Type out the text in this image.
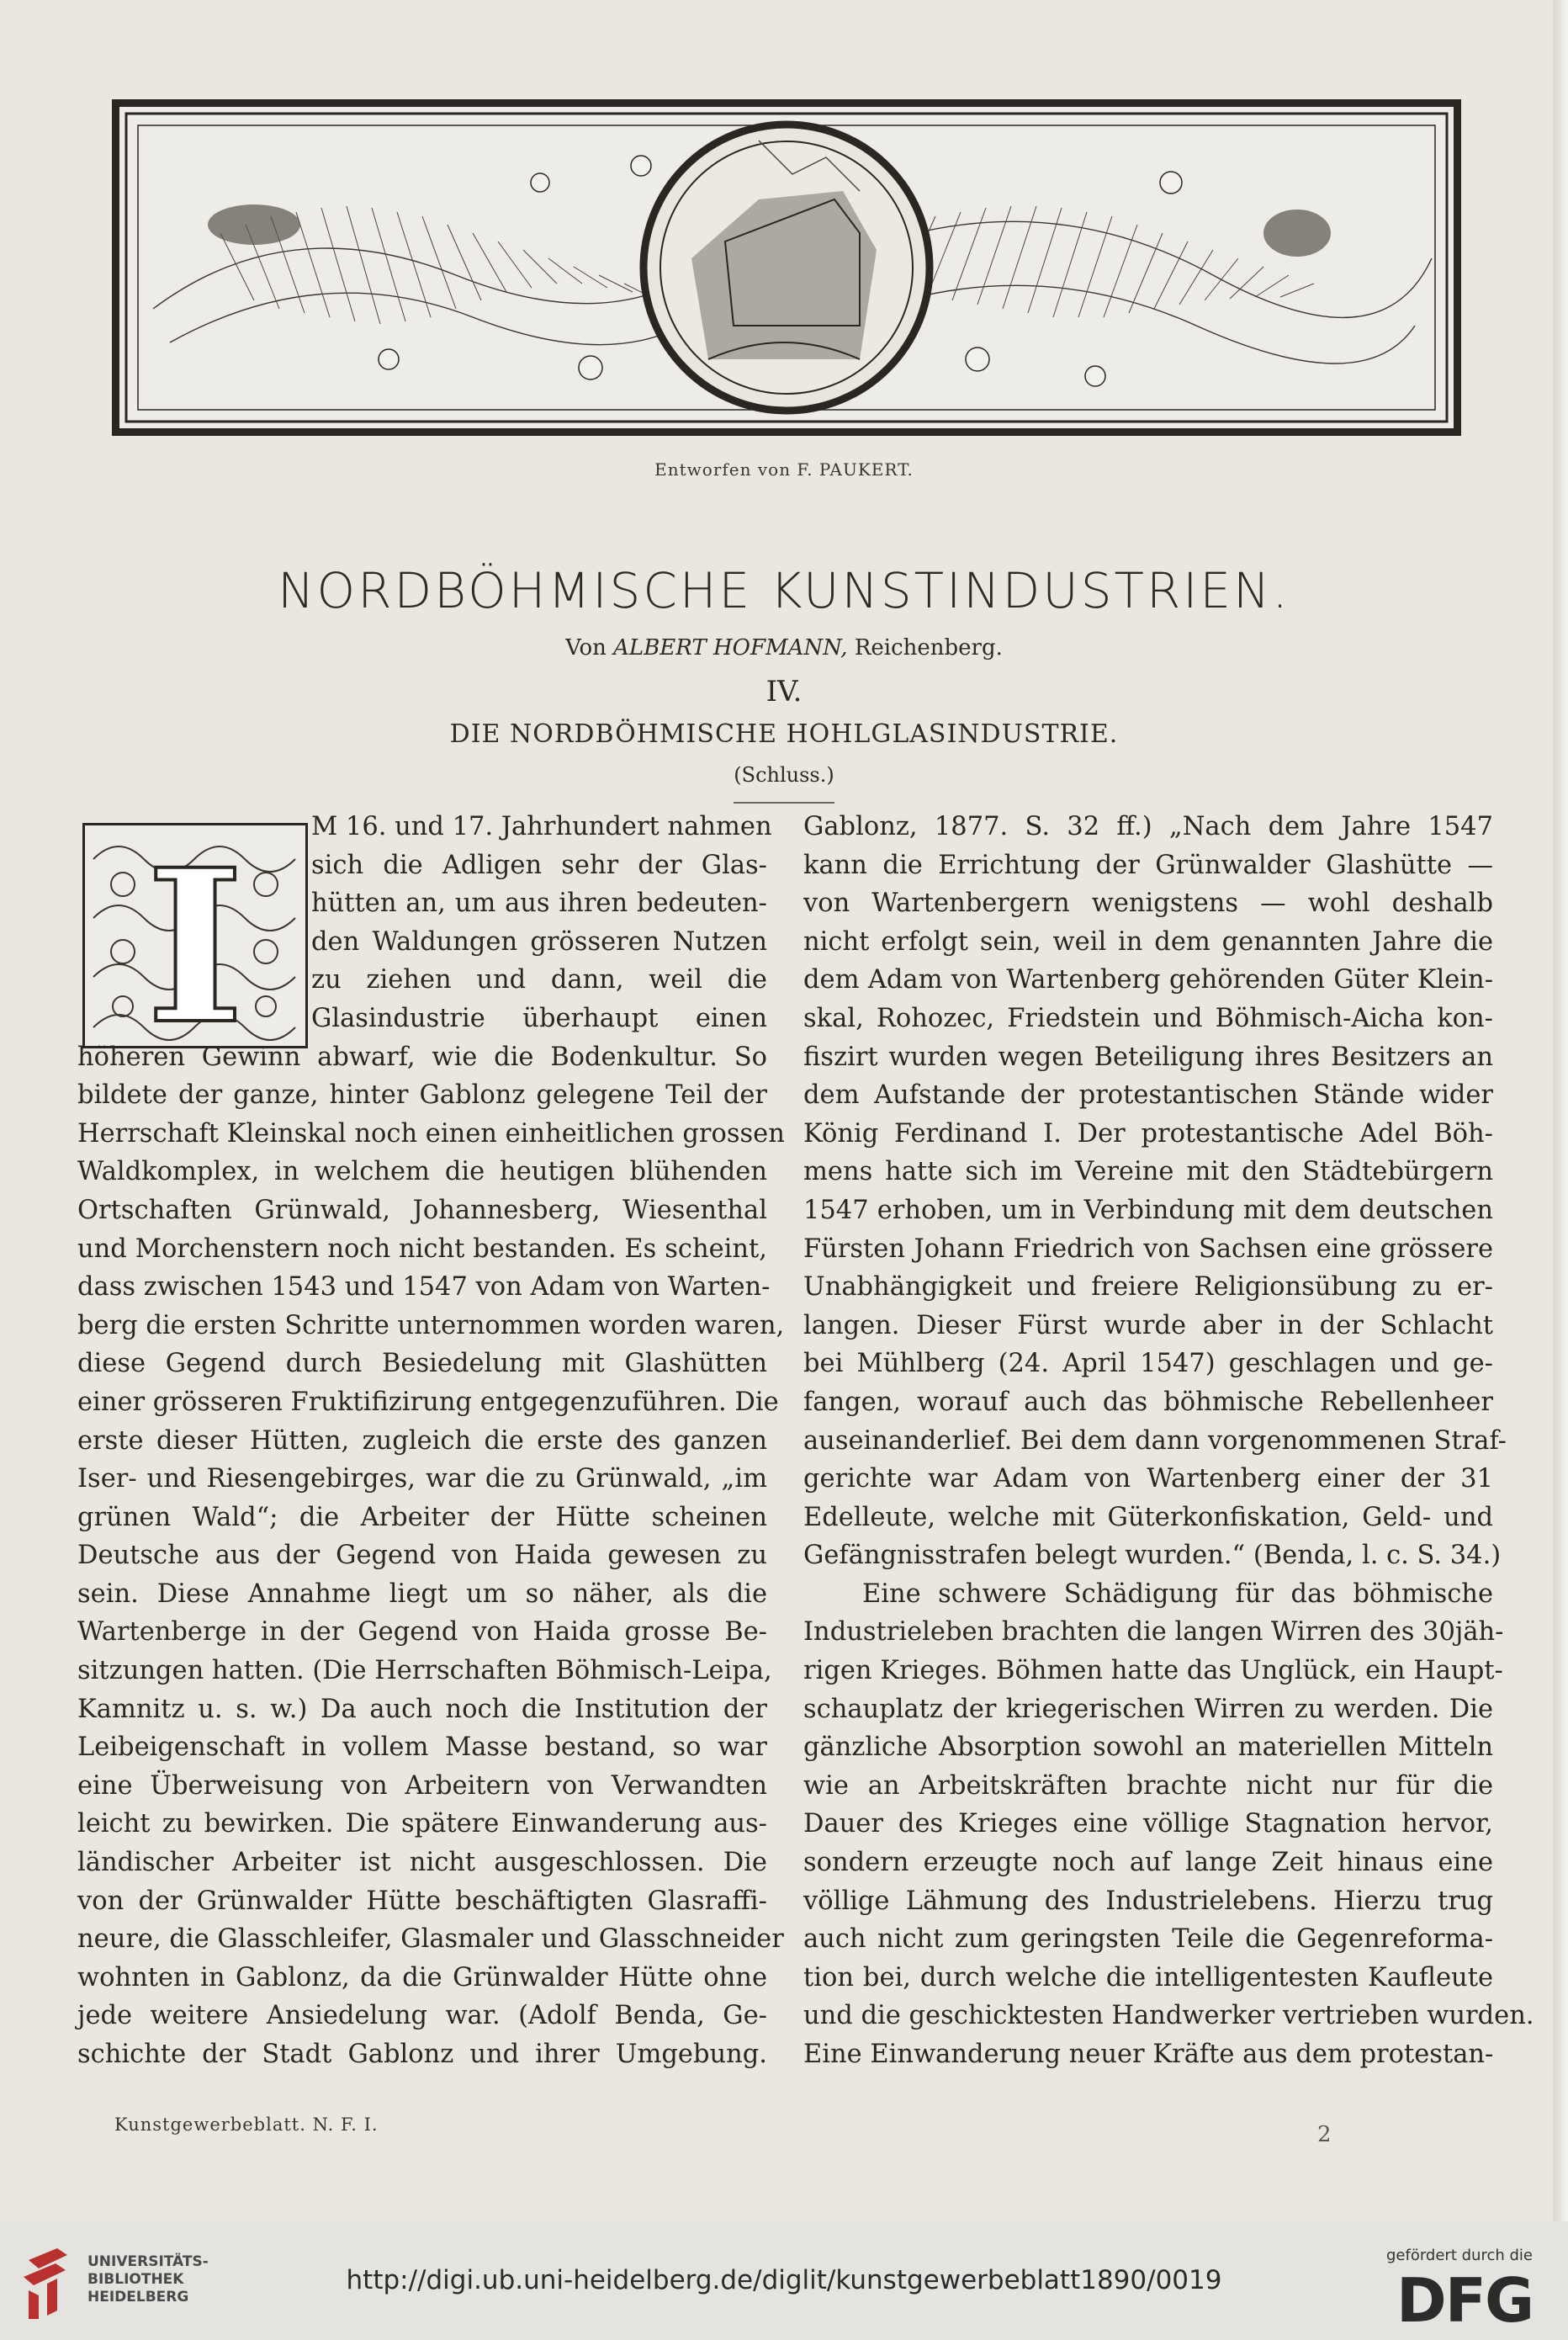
Entworfen von F. PAUKERT.
NORDBÖHMISCHE KUNSTINDUSTRIEN.
Von ALBERT HOFMANN, Reichenberg.
IV.
DIE NORDBÖHMISCHE HOHLGLASINDUSTRIE.
(Schluss.)
I	M 16. und 17. Jahrhundert nahmen
sich die Adligen sehr der Glas-
hütten an, um aus ihren bedeuten-
den Waldungen grösseren Nutzen
zu ziehen und dann, weil die
Glasindustrie überhaupt einen
höheren Gewinn abwarf, wie die Bodenkultur. So
bildete der ganze, hinter Gablonz gelegene Teil der
Herrschaft Kleinskal noch einen einheitlichen grossen
Waldkomplex, in welchem die heutigen blühenden
Ortschaften Grünwald, Johannesberg, Wiesenthal
und Morchenstern noch nicht bestanden. Es scheint,
dass zwischen 1543 und 1547 von Adam von Warten-
berg die ersten Schritte unternommen worden waren,
diese Gegend durch Besiedelung mit Glashütten
einer grösseren Fruktifizirung entgegenzuführen. Die
erste dieser Hütten, zugleich die erste des ganzen
Iser- und Riesengebirges, war die zu Grünwald, „im
grünen Wald“; die Arbeiter der Hütte scheinen
Deutsche aus der Gegend von Haida gewesen zu
sein. Diese Annahme liegt um so näher, als die
Wartenberge in der Gegend von Haida grosse Be-
sitzungen hatten. (Die Herrschaften Böhmisch-Leipa,
Kamnitz u. s. w.) Da auch noch die Institution der
Leibeigenschaft in vollem Masse bestand, so war
eine Überweisung von Arbeitern von Verwandten
leicht zu bewirken. Die spätere Einwanderung aus-
ländischer Arbeiter ist nicht ausgeschlossen. Die
von der Grünwalder Hütte beschäftigten Glasraffi-
neure, die Glasschleifer, Glasmaler und Glasschneider
wohnten in Gablonz, da die Grünwalder Hütte ohne
jede weitere Ansiedelung war. (Adolf Benda, Ge-
schichte der Stadt Gablonz und ihrer Umgebung.
Gablonz, 1877. S. 32 ff.) „Nach dem Jahre 1547
kann die Errichtung der Grünwalder Glashütte —
von Wartenbergern wenigstens — wohl deshalb
nicht erfolgt sein, weil in dem genannten Jahre die
dem Adam von Wartenberg gehörenden Güter Klein-
skal, Rohozec, Friedstein und Böhmisch-Aicha kon-
fiszirt wurden wegen Beteiligung ihres Besitzers an
dem Aufstande der protestantischen Stände wider
König Ferdinand I. Der protestantische Adel Böh-
mens hatte sich im Vereine mit den Städtebürgern
1547 erhoben, um in Verbindung mit dem deutschen
Fürsten Johann Friedrich von Sachsen eine grössere
Unabhängigkeit und freiere Religionsübung zu er-
langen. Dieser Fürst wurde aber in der Schlacht
bei Mühlberg (24. April 1547) geschlagen und ge-
fangen, worauf auch das böhmische Rebellenheer
auseinanderlief. Bei dem dann vorgenommenen Straf-
gerichte war Adam von Wartenberg einer der 31
Edelleute, welche mit Güterkonfiskation, Geld- und
Gefängnisstrafen belegt wurden.“ (Benda, l. c. S. 34.)
Eine schwere Schädigung für das böhmische
Industrieleben brachten die langen Wirren des 30jäh-
rigen Krieges. Böhmen hatte das Unglück, ein Haupt-
schauplatz der kriegerischen Wirren zu werden. Die
gänzliche Absorption sowohl an materiellen Mitteln
wie an Arbeitskräften brachte nicht nur für die
Dauer des Krieges eine völlige Stagnation hervor,
sondern erzeugte noch auf lange Zeit hinaus eine
völlige Lähmung des Industrielebens. Hierzu trug
auch nicht zum geringsten Teile die Gegenreforma-
tion bei, durch welche die intelligentesten Kaufleute
und die geschicktesten Handwerker vertrieben wurden.
Eine Einwanderung neuer Kräfte aus dem protestan-
Kunstgewerbeblatt. N. F. I.	2
UNIVERSITÄTS-
BIBLIOTHEK
HEIDELBERG
http://digi.ub.uni-heidelberg.de/diglit/kunstgewerbeblatt1890/0019
gefördert durch die
DFG
